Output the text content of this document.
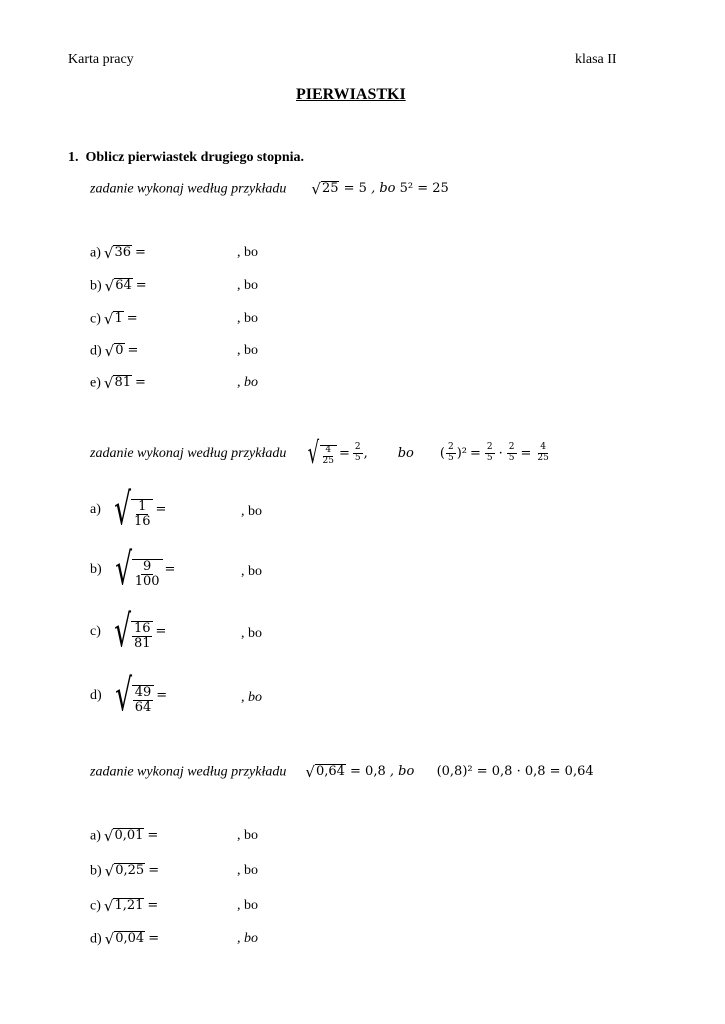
Karta pracy	klasa II
PIERWIASTKI
1. Oblicz pierwiastek drugiego stopnia.
zadanie wykonaj według przykładu √ 25 = 5 , bo 5² = 25
a) √ 36 =	, bo
b) √ 64 =	, bo
c) √ 1 =	, bo
d) √ 0 =	, bo
e) √ 81 =	, bo
zadanie wykonaj według przykładu √ $\frac{4}{25} = \frac{2}{5}$ , bo ( $\frac{2}{5} )^2 = \frac{2}{5} \cdot \frac{2}{5} = \frac{4}{25}$
a) √ $\frac{1}{16}$ =	, bo
b) √ $\frac{9}{100}$ =	, bo
c) √ $\frac{16}{81}$ =	, bo
d) √ $\frac{49}{64}$ =	, bo
zadanie wykonaj według przykładu √ 0,64 = 0,8 , bo (0,8)² = 0,8 · 0,8 = 0,64
a) √ 0,01 =	, bo
b) √ 0,25 =	, bo
c) √ 1,21 =	, bo
d) √ 0,04 =	, bo
